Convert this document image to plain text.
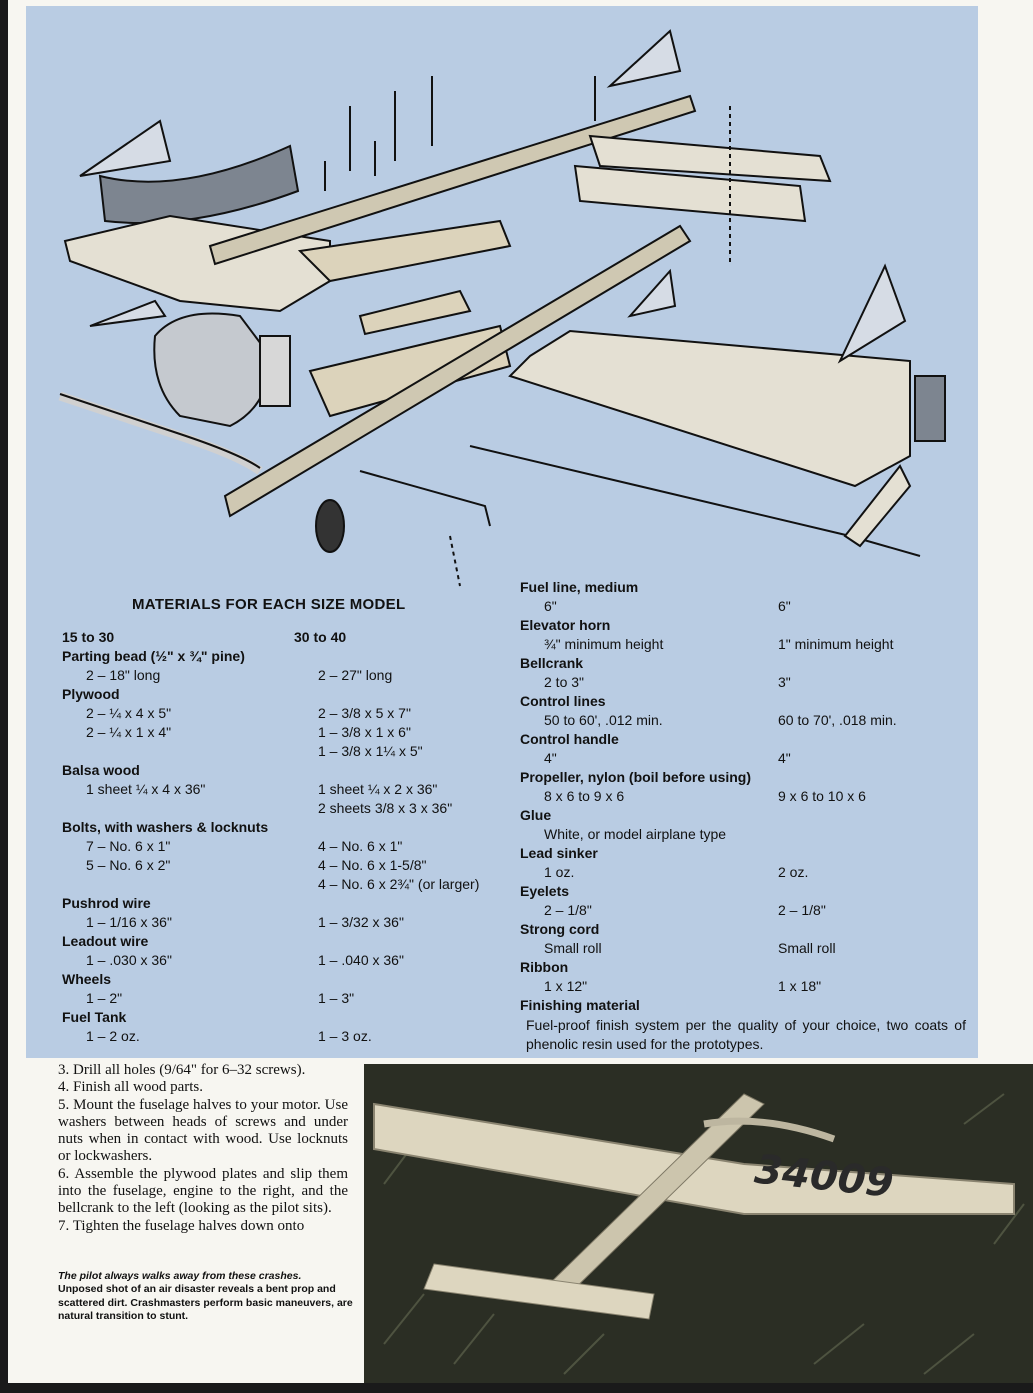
MATERIALS FOR EACH SIZE MODEL
15 to 30
Parting bead (½" x ¾" pine)
2 – 18" long
Plywood
2 – ¼ x 4 x 5"
2 – ¼ x 1 x 4"
Balsa wood
1 sheet ¼ x 4 x 36"
Bolts, with washers & locknuts
7 – No. 6 x 1"
5 – No. 6 x 2"
Pushrod wire
1 – 1/16 x 36"
Leadout wire
1 – .030 x 36"
Wheels
1 – 2"
Fuel Tank
1 – 2 oz.
30 to 40
2 – 27" long
2 – 3/8 x 5 x 7"
1 – 3/8 x 1 x 6"
1 – 3/8 x 1¼ x 5"
1 sheet ¼ x 2 x 36"
2 sheets 3/8 x 3 x 36"
4 – No. 6 x 1"
4 – No. 6 x 1-5/8"
4 – No. 6 x 2¾" (or larger)
1 – 3/32 x 36"
1 – .040 x 36"
1 – 3"
1 – 3 oz.
Fuel line, medium
6"
Elevator horn
¾" minimum height
Bellcrank
2 to 3"
Control lines
50 to 60', .012 min.
Control handle
4"
Propeller, nylon (boil before using)
8 x 6 to 9 x 6
Glue
White, or model airplane type
Lead sinker
1 oz.
Eyelets
2 – 1/8"
Strong cord
Small roll
Ribbon
1 x 12"
Finishing material
6"
1" minimum height
3"
60 to 70', .018 min.
4"
9 x 6 to 10 x 6
2 oz.
2 – 1/8"
Small roll
1 x 18"
Fuel-proof finish system per the quality of your choice, two coats of phenolic resin used for the prototypes.

3. Drill all holes (9/64" for 6–32 screws).

4. Finish all wood parts.

5. Mount the fuselage halves to your motor. Use washers between heads of screws and under nuts when in contact with wood. Use locknuts or lockwashers.

6. Assemble the plywood plates and slip them into the fuselage, engine to the right, and the bellcrank to the left (looking as the pilot sits).

7. Tighten the fuselage halves down onto

The pilot always walks away from these crashes.
Unposed shot of an air disaster reveals a bent prop and scattered dirt. Crashmasters perform basic maneuvers, are natural transition to stunt.
34009
